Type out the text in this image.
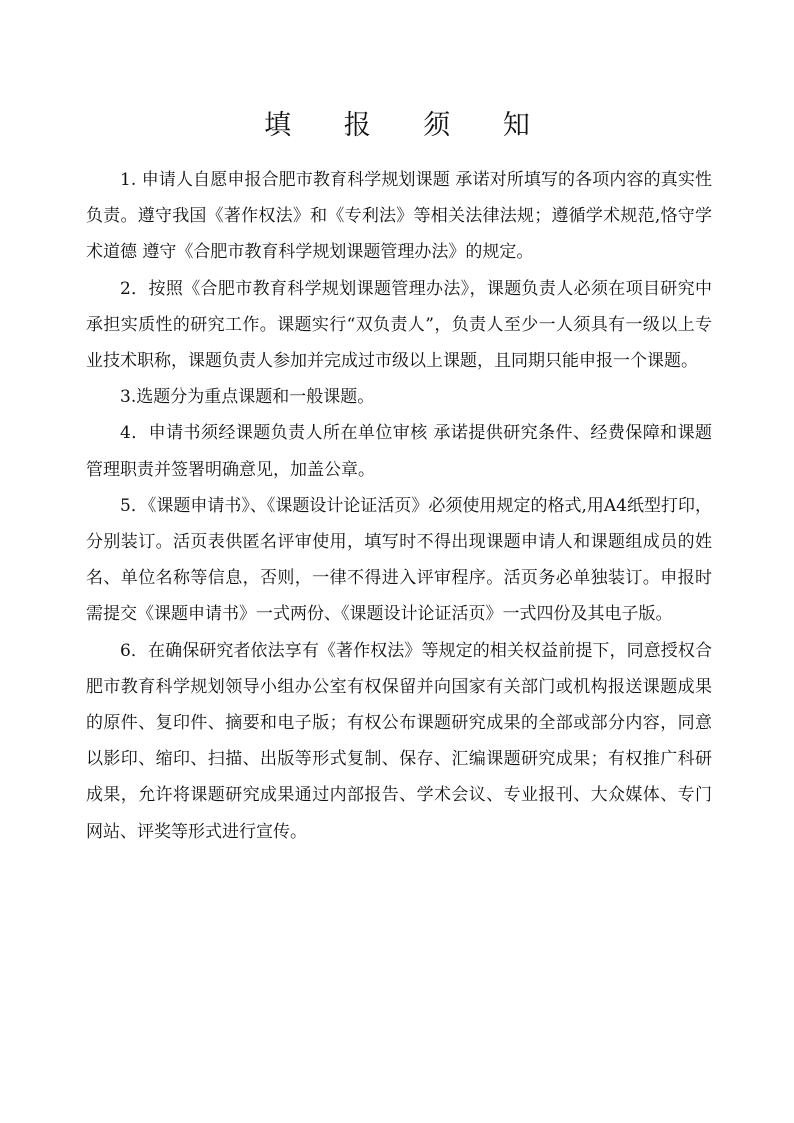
填 报 须 知

1. 申请人自愿申报合肥市教育科学规划课题 承诺对所填写的各项内容的真实性负责。遵守我国《著作权法》和《专利法》等相关法律法规；遵循学术规范,恪守学术道德 遵守《合肥市教育科学规划课题管理办法》的规定。

2．按照《合肥市教育科学规划课题管理办法》，课题负责人必须在项目研究中承担实质性的研究工作。课题实行“双负责人”，负责人至少一人须具有一级以上专业技术职称，课题负责人参加并完成过市级以上课题，且同期只能申报一个课题。

3.选题分为重点课题和一般课题。

4．申请书须经课题负责人所在单位审核 承诺提供研究条件、经费保障和课题管理职责并签署明确意见，加盖公章。

5．《课题申请书》、《课题设计论证活页》必须使用规定的格式,用A4纸型打印，分别装订。活页表供匿名评审使用，填写时不得出现课题申请人和课题组成员的姓名、单位名称等信息，否则，一律不得进入评审程序。活页务必单独装订。申报时需提交《课题申请书》一式两份、《课题设计论证活页》一式四份及其电子版。

6．在确保研究者依法享有《著作权法》等规定的相关权益前提下，同意授权合肥市教育科学规划领导小组办公室有权保留并向国家有关部门或机构报送课题成果的原件、复印件、摘要和电子版；有权公布课题研究成果的全部或部分内容，同意以影印、缩印、扫描、出版等形式复制、保存、汇编课题研究成果；有权推广科研成果，允许将课题研究成果通过内部报告、学术会议、专业报刊、大众媒体、专门网站、评奖等形式进行宣传。
